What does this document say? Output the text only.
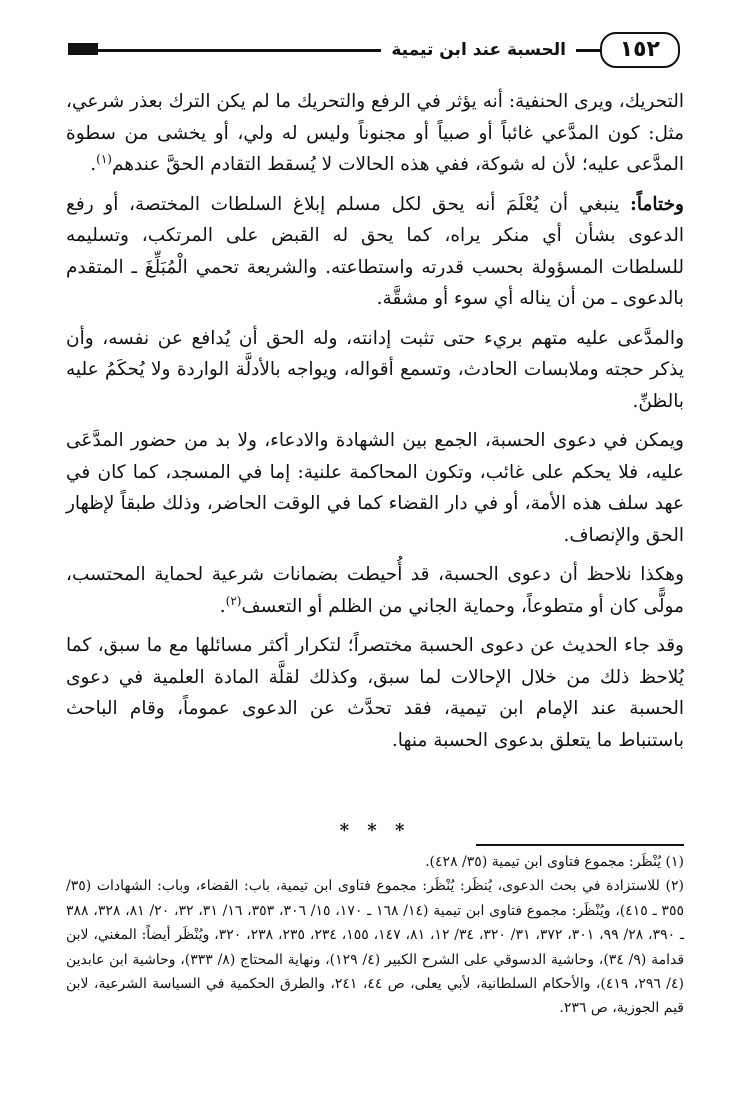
١٥٢
الحسبة عند ابن تيمية

التحريك، ويرى الحنفية: أنه يؤثر في الرفع والتحريك ما لم يكن الترك بعذر شرعي، مثل: كون المدَّعي غائباً أو صبياً أو مجنوناً وليس له ولي، أو يخشى من سطوة المدَّعى عليه؛ لأن له شوكة، ففي هذه الحالات لا يُسقط التقادم الحقَّ عندهم$^{(١)}$.

وختاماً: ينبغي أن يُعْلَمَ أنه يحق لكل مسلم إبلاغ السلطات المختصة، أو رفع الدعوى بشأن أي منكر يراه، كما يحق له القبض على المرتكب، وتسليمه للسلطات المسؤولة بحسب قدرته واستطاعته. والشريعة تحمي الْمُبَلِّغَ ـ المتقدم بالدعوى ـ من أن يناله أي سوء أو مشقَّة.

والمدَّعى عليه متهم بريء حتى تثبت إدانته، وله الحق أن يُدافع عن نفسه، وأن يذكر حجته وملابسات الحادث، وتسمع أقواله، ويواجه بالأدلَّة الواردة ولا يُحكَمُ عليه بالظنِّ.

ويمكن في دعوى الحسبة، الجمع بين الشهادة والادعاء، ولا بد من حضور المدَّعَى عليه، فلا يحكم على غائب، وتكون المحاكمة علنية: إما في المسجد، كما كان في عهد سلف هذه الأمة، أو في دار القضاء كما في الوقت الحاضر، وذلك طبقاً لإظهار الحق والإنصاف.

وهكذا نلاحظ أن دعوى الحسبة، قد أُحيطت بضمانات شرعية لحماية المحتسب، مولًّى كان أو متطوعاً، وحماية الجاني من الظلم أو التعسف$^{(٢)}$.

وقد جاء الحديث عن دعوى الحسبة مختصراً؛ لتكرار أكثر مسائلها مع ما سبق، كما يُلاحظ ذلك من خلال الإحالات لما سبق، وكذلك لقلَّة المادة العلمية في دعوى الحسبة عند الإمام ابن تيمية، فقد تحدَّث عن الدعوى عموماً، وقام الباحث باستنباط ما يتعلق بدعوى الحسبة منها.

* * *

(١) يُنْظَر: مجموع فتاوى ابن تيمية (٣٥/ ٤٢٨).

(٢) للاستزادة في بحث الدعوى، يُنظَر: يُنْظَر: مجموع فتاوى ابن تيمية، باب: القضاء، وباب: الشهادات (٣٥/ ٣٥٥ ـ ٤١٥)، ويُنْظَر: مجموع فتاوى ابن تيمية (١٤/ ١٦٨ ـ ١٧٠، ١٥/ ٣٠٦، ٣٥٣، ١٦/ ٣١، ٣٢، ٢٠/ ٨١، ٣٢٨، ٣٨٨ ـ ٣٩٠، ٢٨/ ٩٩، ٣٠١، ٣٧٢، ٣١/ ٣٢٠، ٣٤/ ١٢، ٨١، ١٤٧، ١٥٥، ٢٣٤، ٢٣٥، ٢٣٨، ٣٢٠، ويُنْظَر أيضاً: المغني، لابن قدامة (٩/ ٣٤)، وحاشية الدسوقي على الشرح الكبير (٤/ ١٢٩)، ونهاية المحتاج (٨/ ٣٣٣)، وحاشية ابن عابدين (٤/ ٢٩٦، ٤١٩)، والأحكام السلطانية، لأبي يعلى، ص ٤٤، ٢٤١، والطرق الحكمية في السياسة الشرعية، لابن قيم الجوزية، ص ٢٣٦.
